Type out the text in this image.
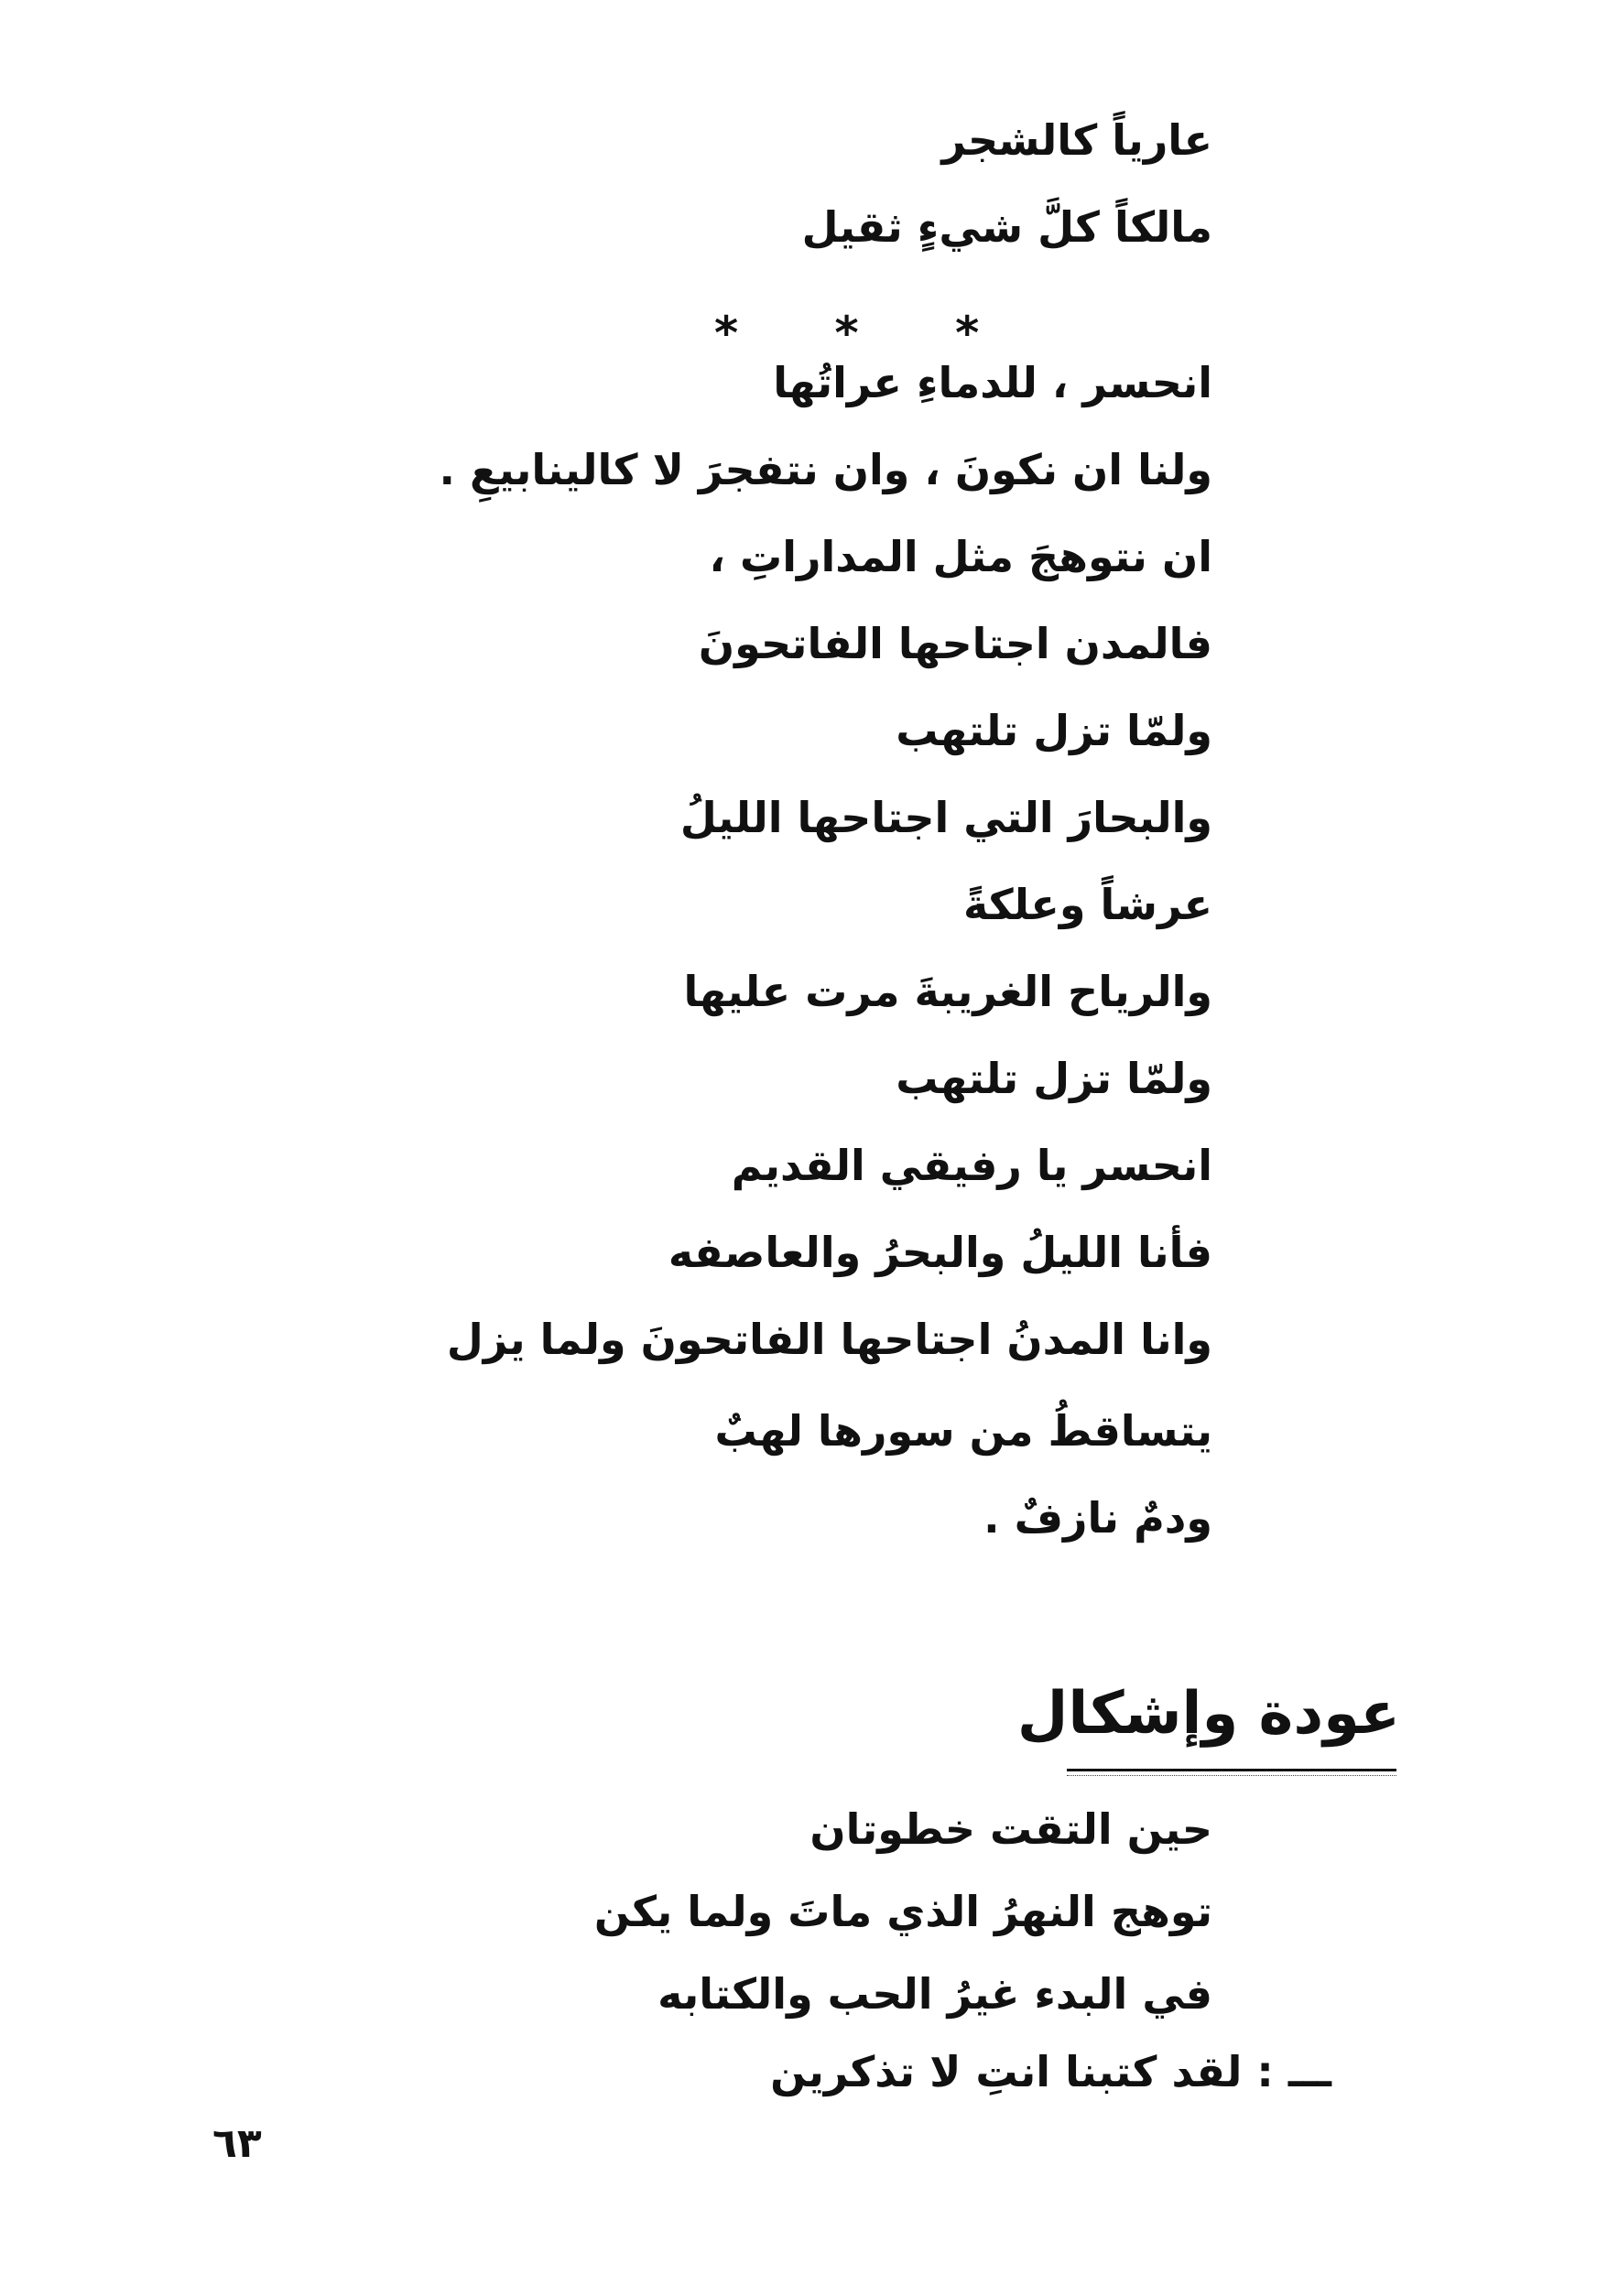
عارياً كالشجر
مالكاً كلَّ شيءٍ ثقيل
* * *
انحسر ، للدماءِ عراتُها
ولنا ان نكونَ ، وان نتفجرَ لا كالينابيعِ .
ان نتوهجَ مثل المداراتِ ،
فالمدن اجتاحها الفاتحونَ
ولمّا تزل تلتهب
والبحارَ التي اجتاحها الليلُ
عرشاً وعلكةً
والرياح الغريبةَ مرت عليها
ولمّا تزل تلتهب
انحسر يا رفيقي القديم
فأنا الليلُ والبحرُ والعاصفه
وانا المدنُ اجتاحها الفاتحونَ ولما يزل
يتساقطُ من سورها لهبٌ
ودمٌ نازفٌ .
عودة وإشكال
حين التقت خطوتان
توهج النهرُ الذي ماتَ ولما يكن
في البدء غيرُ الحب والكتابه
ـــ : لقد كتبنا انتِ لا تذكرين
٦٣
